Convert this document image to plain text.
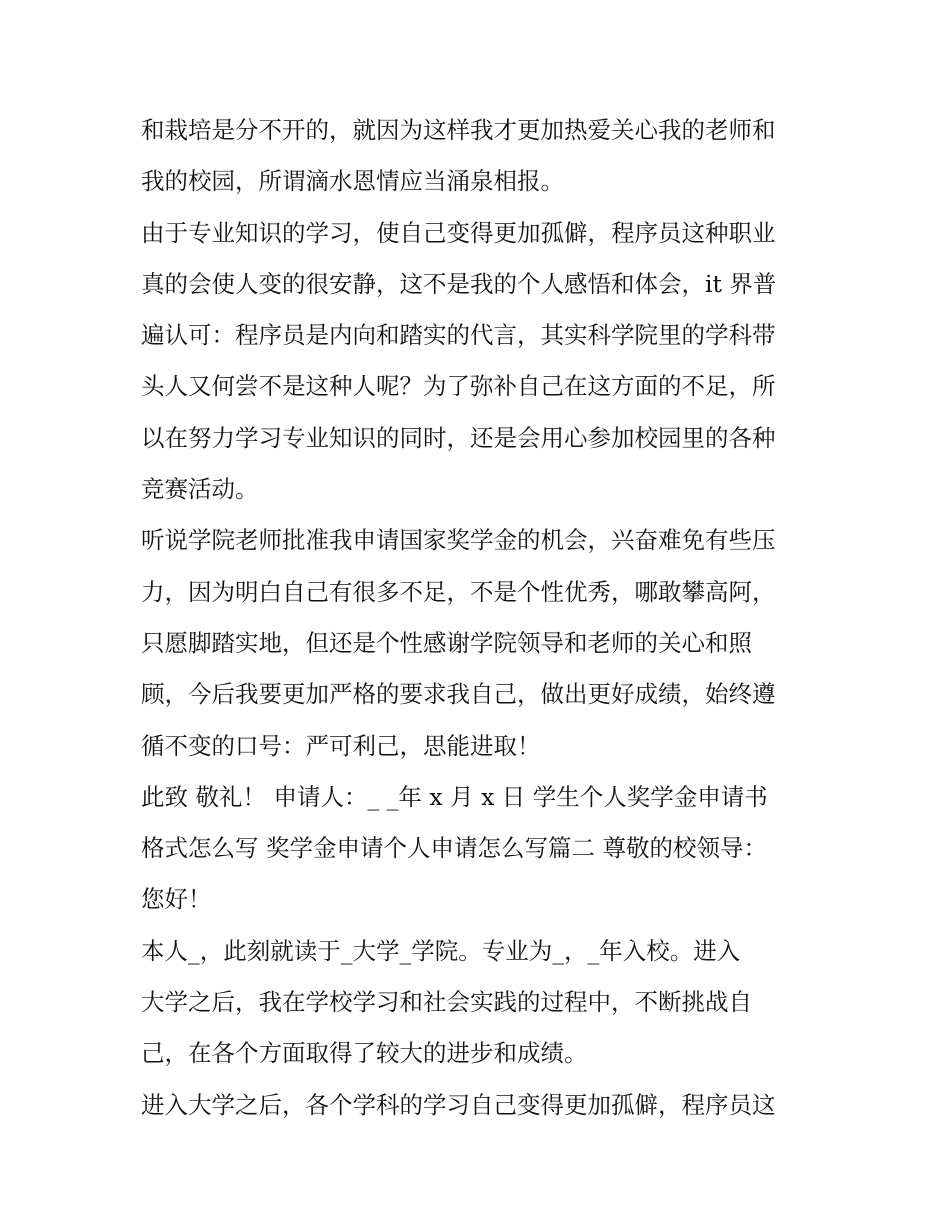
和栽培是分不开的，就因为这样我才更加热爱关心我的老师和
我的校园，所谓滴水恩情应当涌泉相报。
由于专业知识的学习，使自己变得更加孤僻，程序员这种职业
真的会使人变的很安静，这不是我的个人感悟和体会，it 界普
遍认可：程序员是内向和踏实的代言，其实科学院里的学科带
头人又何尝不是这种人呢？为了弥补自己在这方面的不足，所
以在努力学习专业知识的同时，还是会用心参加校园里的各种
竞赛活动。
听说学院老师批准我申请国家奖学金的机会，兴奋难免有些压
力，因为明白自己有很多不足，不是个性优秀，哪敢攀高阿，
只愿脚踏实地，但还是个性感谢学院领导和老师的关心和照
顾，今后我要更加严格的要求我自己，做出更好成绩，始终遵
循不变的口号：严可利己，思能进取！
此致 敬礼！ 申请人：_ _年 x 月 x 日 学生个人奖学金申请书
格式怎么写 奖学金申请个人申请怎么写篇二 尊敬的校领导：
您好！
本人_，此刻就读于_大学_学院。专业为_，_年入校。进入
大学之后，我在学校学习和社会实践的过程中，不断挑战自
己，在各个方面取得了较大的进步和成绩。
进入大学之后，各个学科的学习自己变得更加孤僻，程序员这
